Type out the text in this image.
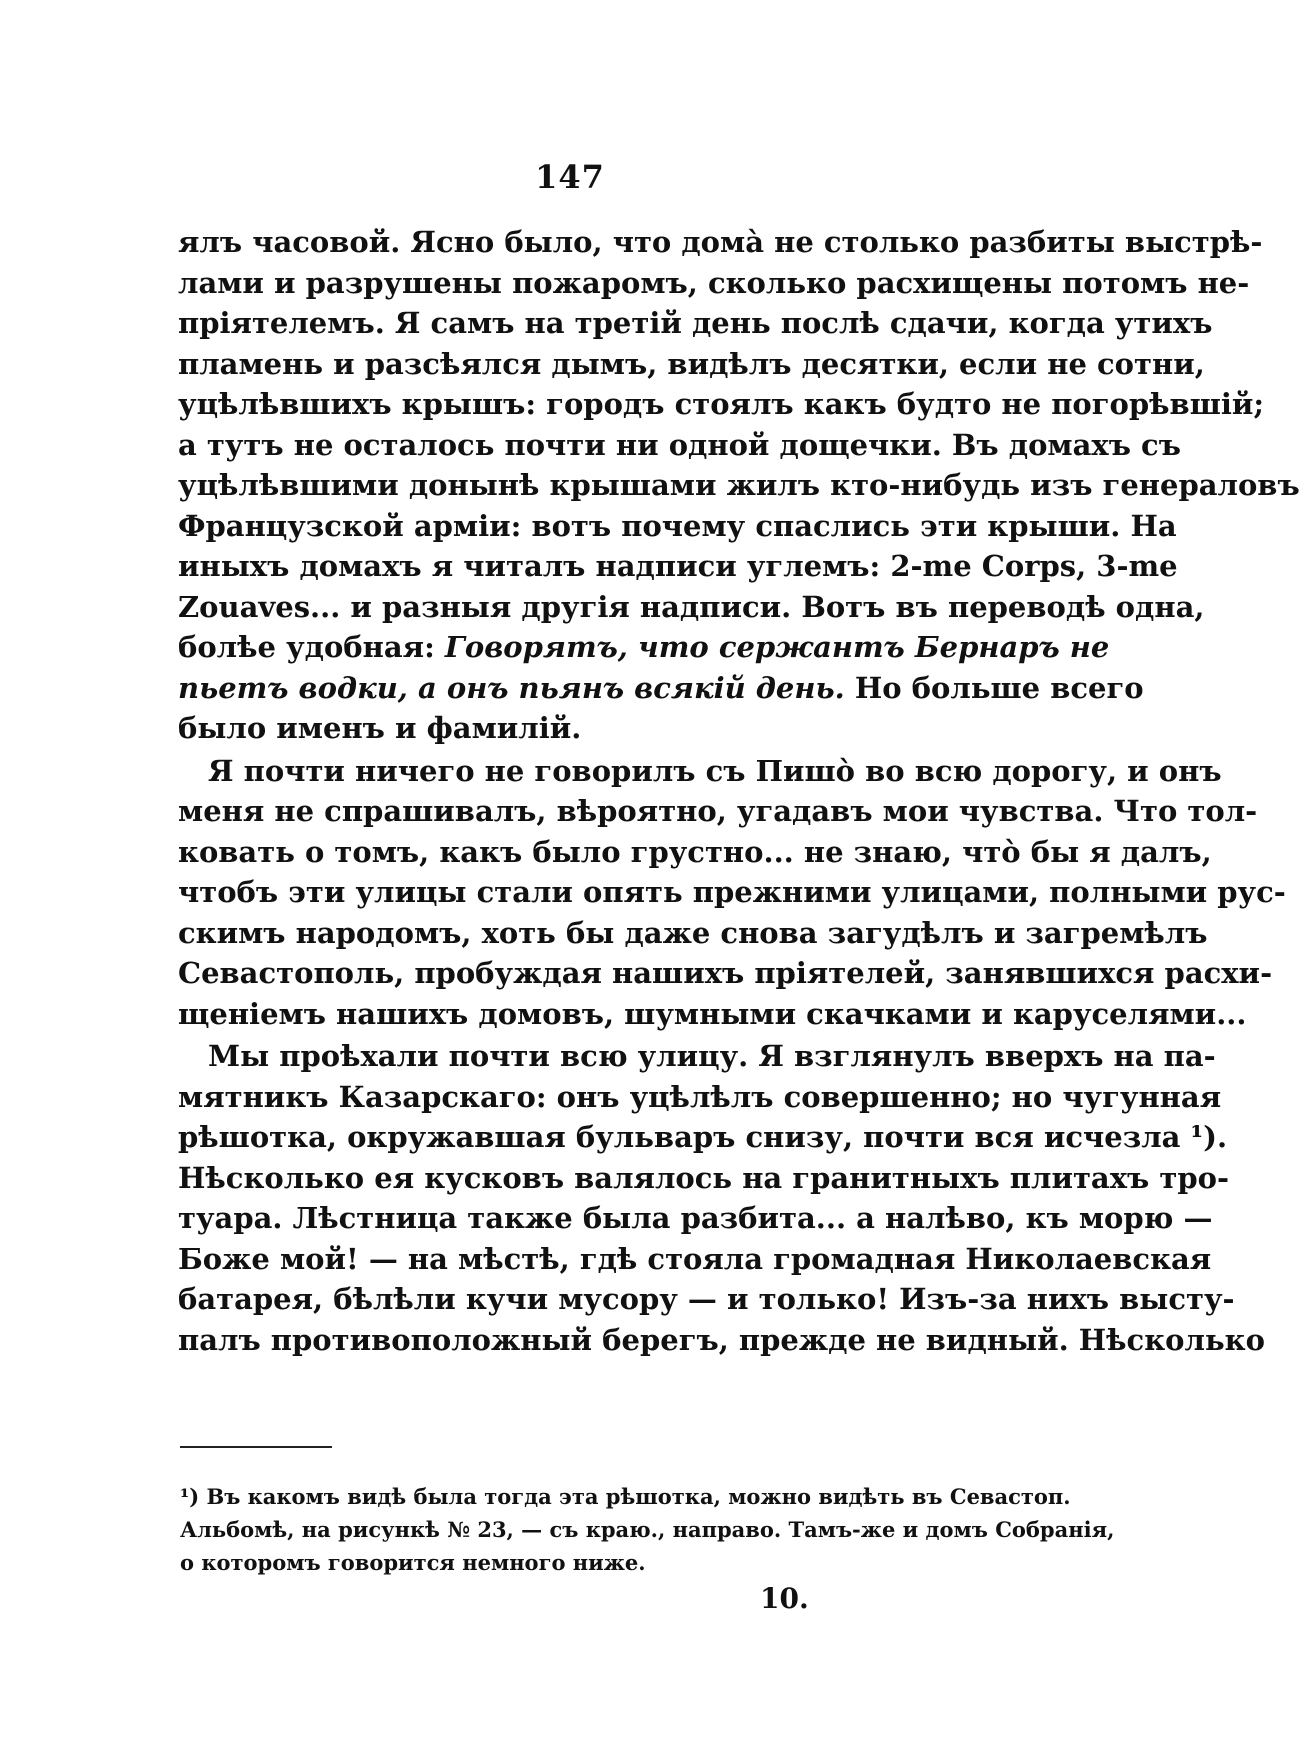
147
ялъ часовой. Ясно было, что домà не столько разбиты выстрѣ-
лами и разрушены пожаромъ, сколько расхищены потомъ не-
пріятелемъ. Я самъ на третій день послѣ сдачи, когда утихъ
пламень и разсѣялся дымъ, видѣлъ десятки, если не сотни,
уцѣлѣвшихъ крышъ: городъ стоялъ какъ будто не погорѣвшій;
а тутъ не осталось почти ни одной дощечки. Въ домахъ съ
уцѣлѣвшими донынѣ крышами жилъ кто-нибудь изъ генераловъ
Французской арміи: вотъ почему спаслись эти крыши. На
иныхъ домахъ я читалъ надписи углемъ: 2-me Corps, 3-me
Zouaves... и разныя другія надписи. Вотъ въ переводѣ одна,
болѣе удобная: Говорятъ, что сержантъ Бернаръ не
пьетъ водки, а онъ пьянъ всякій день. Но больше всего
было именъ и фамилій.
Я почти ничего не говорилъ съ Пишò во всю дорогу, и онъ
меня не спрашивалъ, вѣроятно, угадавъ мои чувства. Что тол-
ковать о томъ, какъ было грустно... не знаю, чтò бы я далъ,
чтобъ эти улицы стали опять прежними улицами, полными рус-
скимъ народомъ, хоть бы даже снова загудѣлъ и загремѣлъ
Севастополь, пробуждая нашихъ пріятелей, занявшихся расхи-
щеніемъ нашихъ домовъ, шумными скачками и каруселями...
Мы проѣхали почти всю улицу. Я взглянулъ вверхъ на па-
мятникъ Казарскаго: онъ уцѣлѣлъ совершенно; но чугунная
рѣшотка, окружавшая бульваръ снизу, почти вся исчезла ¹).
Нѣсколько ея кусковъ валялось на гранитныхъ плитахъ тро-
туара. Лѣстница также была разбита... а налѣво, къ морю —
Боже мой! — на мѣстѣ, гдѣ стояла громадная Николаевская
батарея, бѣлѣли кучи мусору — и только! Изъ-за нихъ высту-
палъ противоположный берегъ, прежде не видный. Нѣсколько
¹) Въ какомъ видѣ была тогда эта рѣшотка, можно видѣть въ Севастоп.
Альбомѣ, на рисункѣ № 23, — съ краю., направо. Тамъ-же и домъ Собранія,
о которомъ говорится немного ниже.
10.
